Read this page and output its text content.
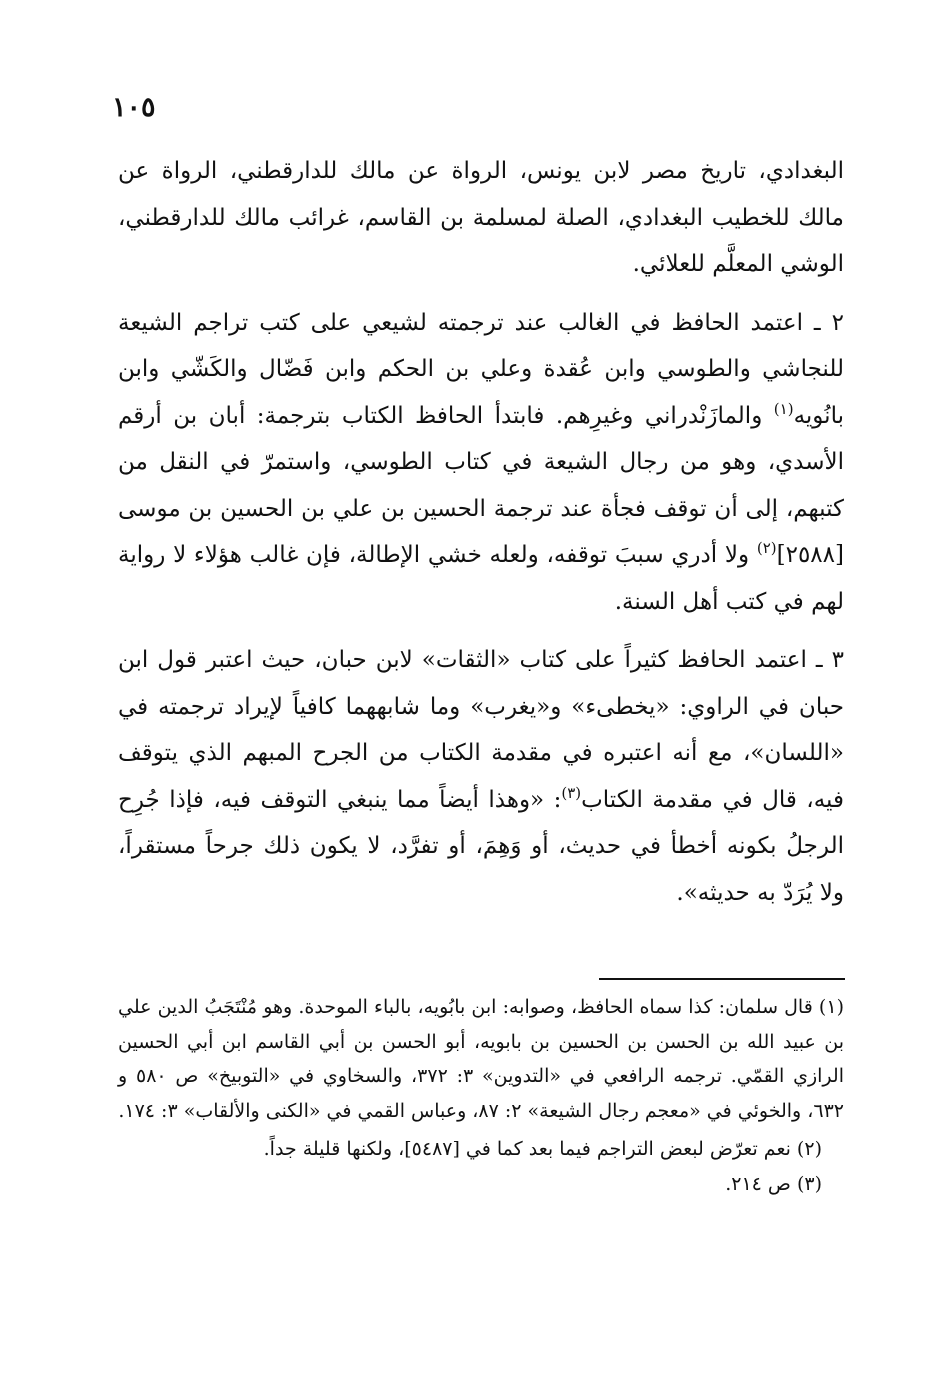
١٠٥

البغدادي، تاريخ مصر لابن يونس، الرواة عن مالك للدارقطني، الرواة عن مالك للخطيب البغدادي، الصلة لمسلمة بن القاسم، غرائب مالك للدارقطني، الوشي المعلَّم للعلائي.

٢ ـ اعتمد الحافظ في الغالب عند ترجمته لشيعي على كتب تراجم الشيعة للنجاشي والطوسي وابن عُقدة وعلي بن الحكم وابن فَضّال والكَشّي وابن بانُويه$^{(١)}$ والمازَنْدراني وغيرِهم. فابتدأ الحافظ الكتاب بترجمة: أبان بن أرقم الأسدي، وهو من رجال الشيعة في كتاب الطوسي، واستمرّ في النقل من كتبهم، إلى أن توقف فجأة عند ترجمة الحسين بن علي بن الحسين بن موسى [٢٥٨٨]$^{(٢)}$ ولا أدري سببَ توقفه، ولعله خشي الإطالة، فإن غالب هؤلاء لا رواية لهم في كتب أهل السنة.

٣ ـ اعتمد الحافظ كثيراً على كتاب «الثقات» لابن حبان، حيث اعتبر قول ابن حبان في الراوي: «يخطىء» و«يغرب» وما شابههما كافياً لإيراد ترجمته في «اللسان»، مع أنه اعتبره في مقدمة الكتاب من الجرح المبهم الذي يتوقف فيه، قال في مقدمة الكتاب$^{(٣)}$: «وهذا أيضاً مما ينبغي التوقف فيه، فإذا جُرِح الرجلُ بكونه أخطأ في حديث، أو وَهِمَ، أو تفرَّد، لا يكون ذلك جرحاً مستقراً، ولا يُرَدّ به حديثه».

(١) قال سلمان: كذا سماه الحافظ، وصوابه: ابن بابُويه، بالباء الموحدة. وهو مُنْتَجَبُ الدين علي بن عبيد الله بن الحسن بن الحسين بن بابويه، أبو الحسن بن أبي القاسم ابن أبي الحسين الرازي القمّي. ترجمه الرافعي في «التدوين» ٣: ٣٧٢، والسخاوي في «التوبيخ» ص ٥٨٠ و ٦٣٢، والخوئي في «معجم رجال الشيعة» ٢: ٨٧، وعباس القمي في «الكنى والألقاب» ٣: ١٧٤.

(٢) نعم تعرّض لبعض التراجم فيما بعد كما في [٥٤٨٧]، ولكنها قليلة جداً.

(٣) ص ٢١٤.
